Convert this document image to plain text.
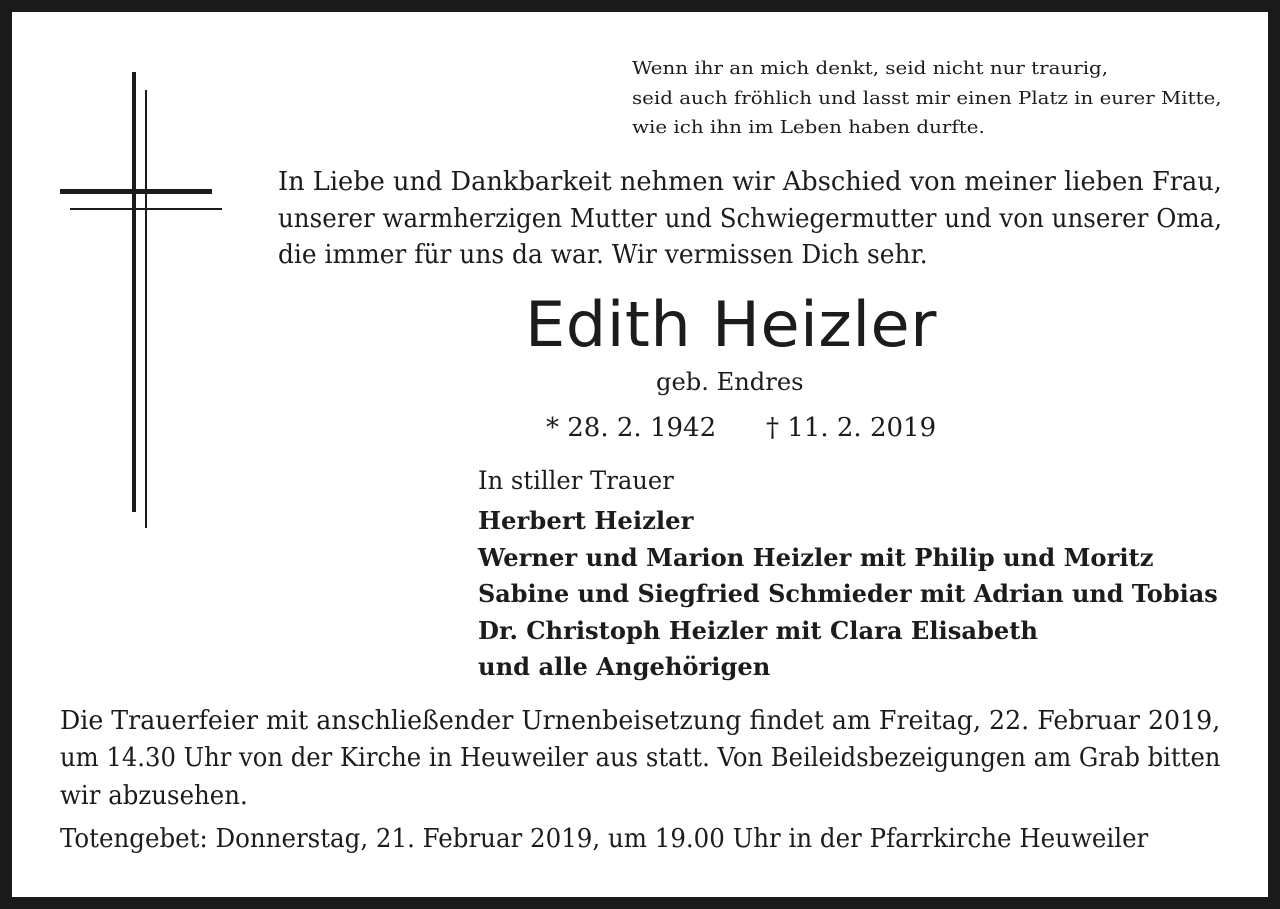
Wenn ihr an mich denkt, seid nicht nur traurig,
seid auch fröhlich und lasst mir einen Platz in eurer Mitte,
wie ich ihn im Leben haben durfte.
In Liebe und Dankbarkeit nehmen wir Abschied von meiner lieben Frau,
unserer warmherzigen Mutter und Schwiegermutter und von unserer Oma,
die immer für uns da war. Wir vermissen Dich sehr.
Edith Heizler
geb. Endres
* 28. 2. 1942 † 11. 2. 2019
In stiller Trauer
Herbert Heizler
Werner und Marion Heizler mit Philip und Moritz
Sabine und Siegfried Schmieder mit Adrian und Tobias
Dr. Christoph Heizler mit Clara Elisabeth
und alle Angehörigen
Die Trauerfeier mit anschließender Urnenbeisetzung findet am Freitag, 22. Februar 2019,
um 14.30 Uhr von der Kirche in Heuweiler aus statt. Von Beileidsbezeigungen am Grab bitten
wir abzusehen.
Totengebet: Donnerstag, 21. Februar 2019, um 19.00 Uhr in der Pfarrkirche Heuweiler
